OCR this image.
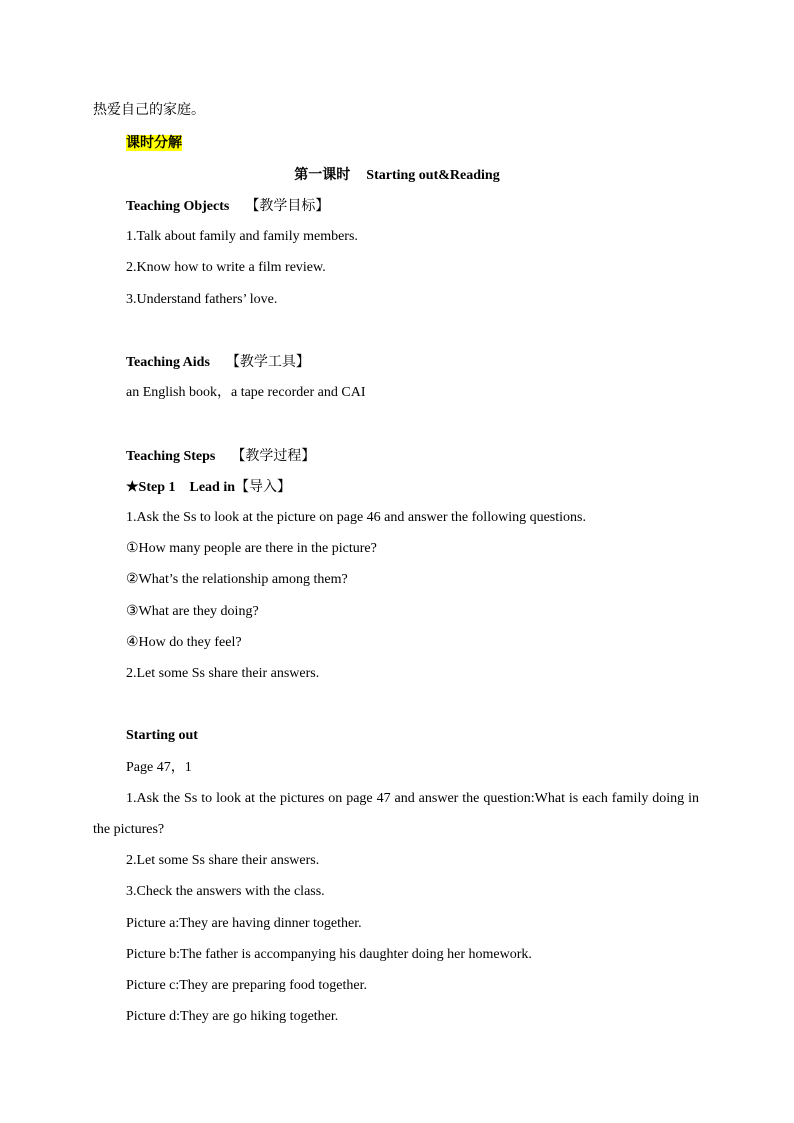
热爱自己的家庭。
课时分解
第一课时 Starting out&Reading
Teaching Objects 【教学目标】
1.Talk about family and family members.
2.Know how to write a film review.
3.Understand fathers’ love.
Teaching Aids 【教学工具】
an English book，a tape recorder and CAI
Teaching Steps 【教学过程】
★Step 1　Lead in【导入】
1.Ask the Ss to look at the picture on page 46 and answer the following questions.
①How many people are there in the picture?
②What’s the relationship among them?
③What are they doing?
④How do they feel?
2.Let some Ss share their answers.
Starting out
Page 47，1
1.Ask the Ss to look at the pictures on page 47 and answer the question:What is each family doing in the pictures?
2.Let some Ss share their answers.
3.Check the answers with the class.
Picture a:They are having dinner together.
Picture b:The father is accompanying his daughter doing her homework.
Picture c:They are preparing food together.
Picture d:They are go hiking together.
